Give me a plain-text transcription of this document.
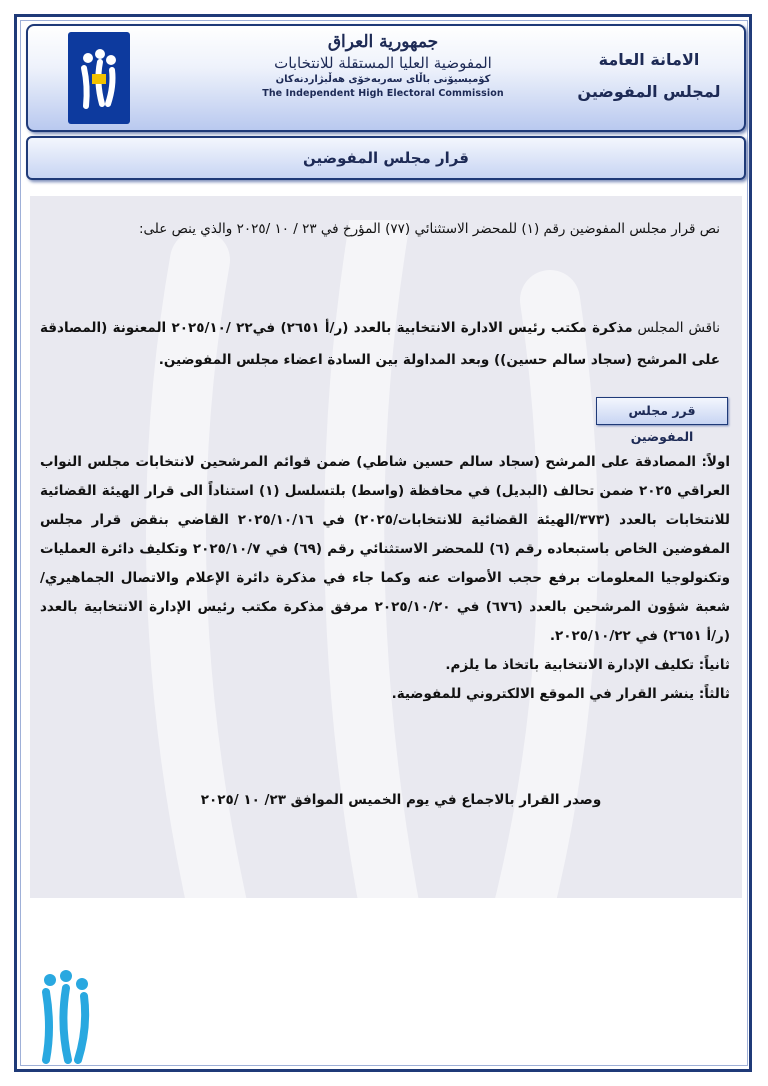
جمهورية العراق
المفوضية العليا المستقلة للانتخابات
کۆمیسیۆنی باڵای سەربەخۆی هەڵبژاردنەکان
The Independent High Electoral Commission
الامانة العامة
لمجلس المفوضين
قرار مجلس المفوضين
نص قرار مجلس المفوضين رقم (١) للمحضر الاستثنائي (٧٧) المؤرخ في ٢٣ / ١٠ /٢٠٢٥ والذي ينص على:
ناقش المجلس مذكرة مكتب رئيس الادارة الانتخابية بالعدد (ر/أ ٢٦٥١) في٢٢ /٢٠٢٥/١٠ المعنونة (المصادقة على المرشح (سجاد سالم حسين)) وبعد المداولة بين السادة اعضاء مجلس المفوضين.
قرر مجلس المفوضين
اولاً: المصادقة على المرشح (سجاد سالم حسين شاطي) ضمن قوائم المرشحين لانتخابات مجلس النواب العراقي ٢٠٢٥ ضمن تحالف (البديل) في محافظة (واسط) بلتسلسل (١) استناداً الى قرار الهيئة القضائية للانتخابات بالعدد (٣٧٣/الهيئة القضائية للانتخابات/٢٠٢٥) في ٢٠٢٥/١٠/١٦ القاضي بنقض قرار مجلس المفوضين الخاص باستبعاده رقم (٦) للمحضر الاستثنائي رقم (٦٩) في ٢٠٢٥/١٠/٧ وتكليف دائرة العمليات وتكنولوجيا المعلومات برفع حجب الأصوات عنه وكما جاء في مذكرة دائرة الإعلام والاتصال الجماهيري/شعبة شؤون المرشحين بالعدد (٦٧٦) في ٢٠٢٥/١٠/٢٠ مرفق مذكرة مكتب رئيس الإدارة الانتخابية بالعدد (ر/أ ٢٦٥١) في ٢٠٢٥/١٠/٢٢.
ثانياً: تكليف الإدارة الانتخابية باتخاذ ما يلزم.
ثالثاً: ينشر القرار في الموقع الالكتروني للمفوضية.
وصدر القرار بالاجماع في يوم الخميس الموافق ٢٣/ ١٠ /٢٠٢٥
